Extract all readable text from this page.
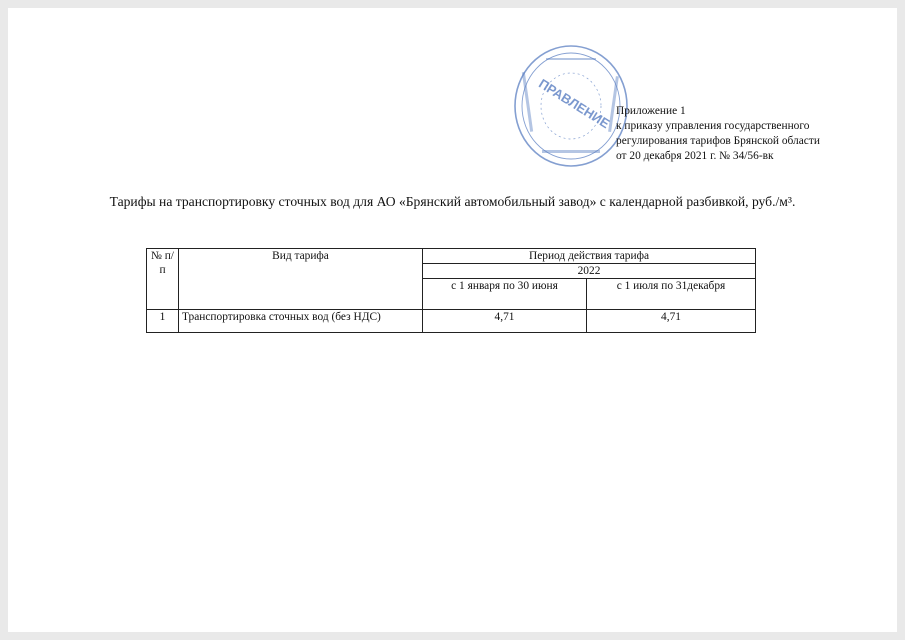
ПРАВЛЕНИЕ Приложение 1
к приказу управления государственного
регулирования тарифов Брянской области
от 20 декабря 2021 г. № 34/56-вк
Тарифы на транспортировку сточных вод для АО «Брянский автомобильный завод» с календарной разбивкой, руб./м³.
№ п/п	Вид тарифа	Период действия тарифа	
		2022	
		с 1 января по 30 июня	с 1 июля по 31декабря
1	Транспортировка сточных вод (без НДС)	4,71	4,71
